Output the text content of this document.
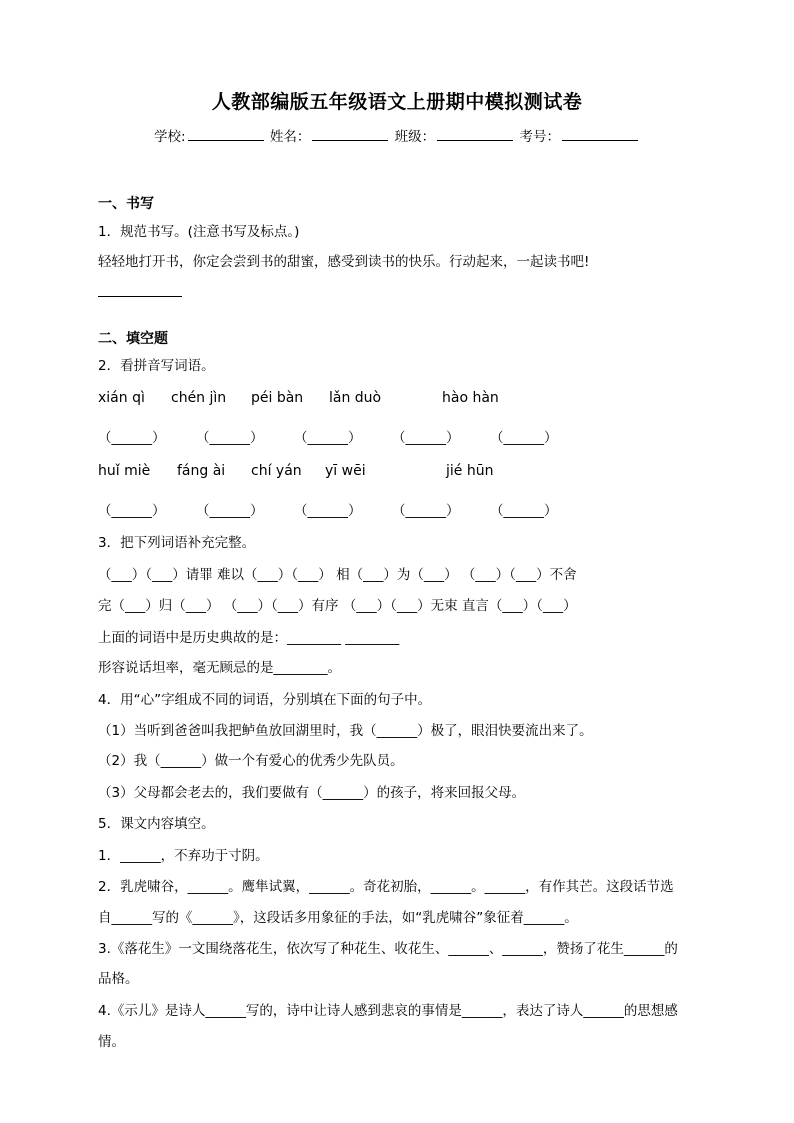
人教部编版五年级语文上册期中模拟测试卷
学校:	姓名：	班级：	考号：
一、书写
1．规范书写。(注意书写及标点。)
轻轻地打开书，你定会尝到书的甜蜜，感受到读书的快乐。行动起来，一起读书吧!
二、填空题
2．看拼音写词语。
xián qì chén jìn péi bàn lǎn duò	hào hàn
（______） （______） （______） （______） （______）
huǐ miè fáng ài chí yán yī wēi	jié hūn
（______） （______） （______） （______） （______）
3．把下列词语补充完整。
（___）（___）请罪 难以（___）（___） 相（___）为（___） （___）（___）不舍
完（___）归（___） （___）（___）有序 （___）（___）无束 直言（___）（___）
上面的词语中是历史典故的是：________ ________
形容说话坦率，毫无顾忌的是________。
4．用“心”字组成不同的词语，分别填在下面的句子中。
（1）当听到爸爸叫我把鲈鱼放回湖里时，我（______）极了，眼泪快要流出来了。
（2）我（______）做一个有爱心的优秀少先队员。
（3）父母都会老去的，我们要做有（______）的孩子，将来回报父母。
5．课文内容填空。
1．______，不弃功于寸阴。
2．乳虎啸谷，______。鹰隼试翼，______。奇花初胎，______。______，有作其芒。这段话节选
自______写的《______》，这段话多用象征的手法，如“乳虎啸谷”象征着______。
3.《落花生》一文围绕落花生，依次写了种花生、收花生、______、______，赞扬了花生______的
品格。
4.《示儿》是诗人______写的，诗中让诗人感到悲哀的事情是______，表达了诗人______的思想感
情。
